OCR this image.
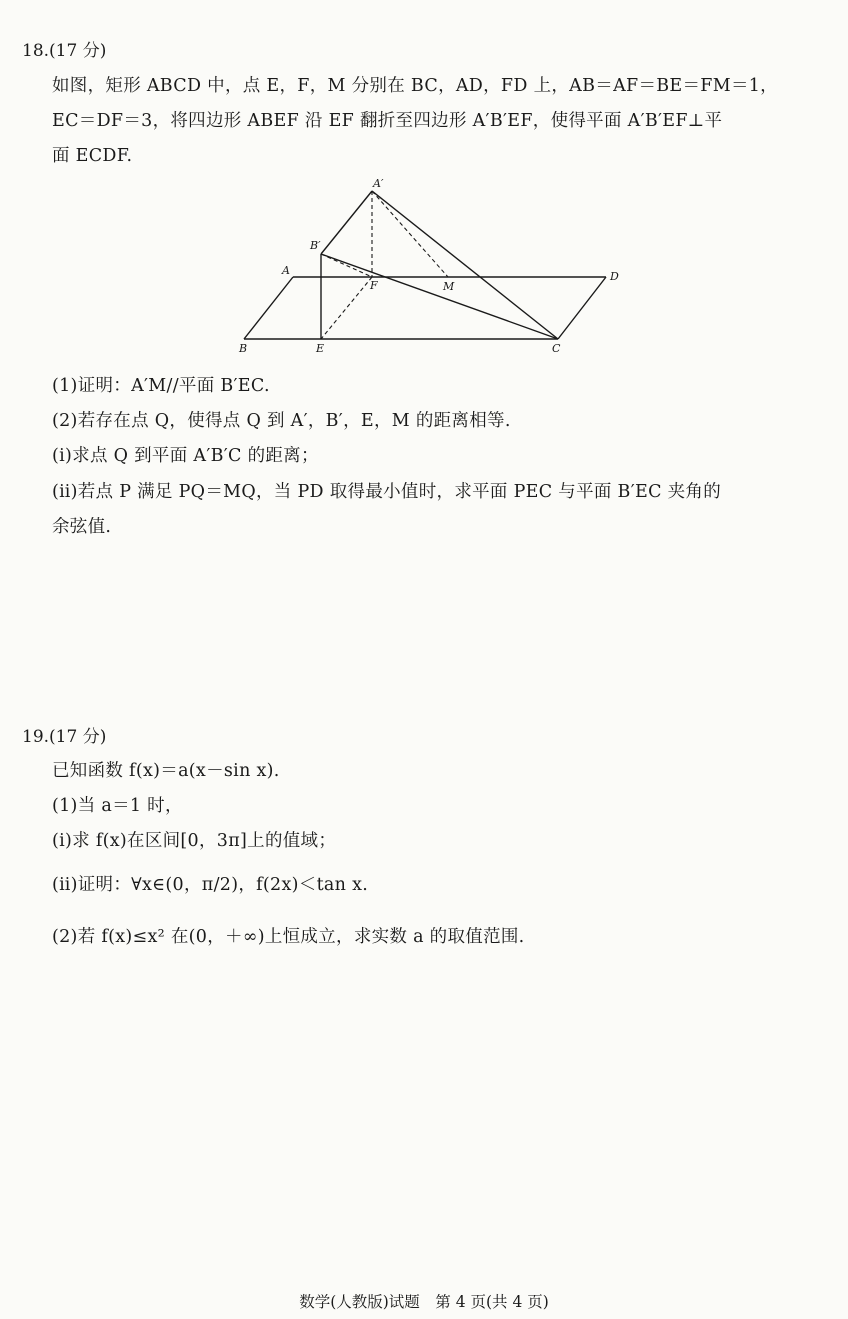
18.(17 分)
如图，矩形 ABCD 中，点 E，F，M 分别在 BC，AD，FD 上，AB＝AF＝BE＝FM＝1，
EC＝DF＝3，将四边形 ABEF 沿 EF 翻折至四边形 A′B′EF，使得平面 A′B′EF⊥平
面 ECDF.
A′
B′
A
F	M
D
B	E	C
(1)证明：A′M//平面 B′EC.
(2)若存在点 Q，使得点 Q 到 A′，B′，E，M 的距离相等.
(ⅰ)求点 Q 到平面 A′B′C 的距离；
(ⅱ)若点 P 满足 PQ＝MQ，当 PD 取得最小值时，求平面 PEC 与平面 B′EC 夹角的
余弦值.
19.(17 分)
已知函数 f(x)＝a(x－sin x).
(1)当 a＝1 时，
(ⅰ)求 f(x)在区间[0，3π]上的值域；
(ⅱ)证明：∀x∈(0，π/2)，f(2x)＜tan x.
(2)若 f(x)≤x² 在(0，＋∞)上恒成立，求实数 a 的取值范围.
数学(人教版)试题　第 4 页(共 4 页)
